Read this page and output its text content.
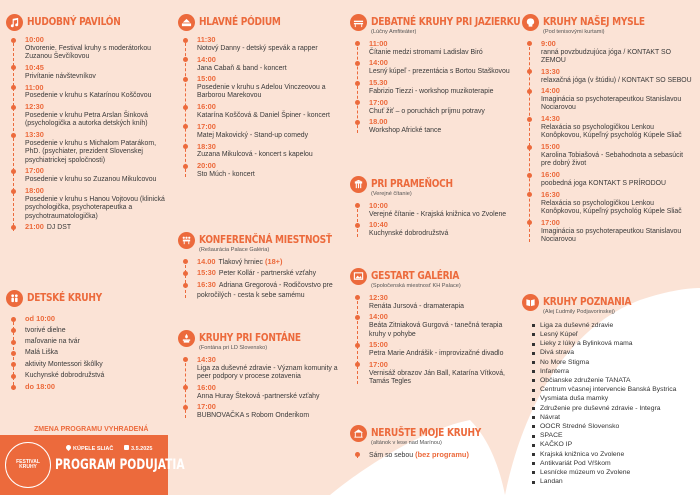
HUDOBNÝ PAVILÓN
10:00
Otvorenie. Festival kruhy s moderátorkou Zuzanou Ševčíkovou
10:45
Privítanie návštevníkov
11:00
Posedenie v kruhu s Katarínou Koščovou
12:30
Posedenie v kruhu Petra Arslan Šinková (psychologička a autorka detských kníh)
13:30
Posedenie v kruhu s Michalom Patarákom, PhD. (psychiater, prezident Slovenskej psychiatrickej spoločnosti)
17:00
Posedenie v kruhu so Zuzanou Mikulcovou
18:00
Posedenie v kruhu s Hanou Vojtovou (klinická psychologička, psychoterapeutka a psychotraumatologička)
21:00 DJ DST
DETSKÉ KRUHY
od 10:00
tvorivé dielne
maľovanie na tvár
Malá Liška
aktivity Montessori škôlky
Kuchynské dobrodružstvá
do 18:00
ZMENA PROGRAMU VYHRADENÁ
FESTIVAL
KRUHY
KÚPELE SLIAČ	3.5.2025
PROGRAM PODUJATIA
HLAVNÉ PÓDIUM
11:30
Notový Danny - detský spevák a rapper
14:00
Jana Cabaň & band - koncert
15:00
Posedenie v kruhu s Adelou Vinczeovou a Barborou Marekovou
16:00
Katarína Koščová & Daniel Špiner - koncert
17:00
Matej Makovický - Stand-up comedy
18:30
Zuzana Mikulcová - koncert s kapelou
20:00
Sto Múch - koncert
KONFERENČNÁ MIESTNOSŤ
(Rešaurácia Palace Galéria)
14.00 Tlakový hrniec (18+)
15:30 Peter Kollár - partnerské vzťahy
16:30 Adriana Gregorová - Rodičovstvo pre pokročilých - cesta k sebe samému
KRUHY PRI FONTÁNE
(Fontána pri LD Slovensko)
14:30
Liga za duševné zdravie - Význam komunity a peer podpory v procese zotavenia
16:00
Anna Huray Šteková -partnerské vzťahy
17:00
BUBNOVAČKA s Robom Onderikom
DEBATNÉ KRUHY PRI JAZIERKU
(Lúčny Amfiteáter)
11:00
Čítanie medzi stromami Ladislav Biró
14:00
Lesný kúpeľ - prezentácia s Bortou Staškovou
15.30
Fabrizio Tiezzi - workshop muzikoterapie
17:00
Chuť žiť – o poruchách príjmu potravy
18.00
Workshop Africké tance
PRI PRAMEŇOCH
(Verejné čítanie)
10:00
Verejné čítanie - Krajská knižnica vo Zvolene
10:40
Kuchynské dobrodružstvá
GESTART GALÉRIA
(Spoločenská miestnosť KH Palace)
12:30
Renáta Jursová - dramaterapia
14:00
Beáta Zitniaková Gurgová - tanečná terapia kruhy v pohybe
15:00
Petra Marie Andrášik - improvizačné divadlo
17:00
Vernisáž obrazov Ján Ball, Katarína Vítková, Tamás Tegles
NERUŠTE MOJE KRUHY
(altánok v lese nad Marínou)
Sám so sebou (bez programu)
KRUHY NAŠEJ MYSLE
(Pod tenisovými kurtami)
9:00
ranná povzbudzujúca jóga / KONTAKT SO ZEMOU
13:30
relaxačná jóga (v štúdiu) / KONTAKT SO SEBOU
14:00
Imaginácia so psychoterapeutkou Stanislavou Nociarovou
14:30
Relaxácia so psychologičkou Lenkou Konôpkovou, Kúpeľný psychológ Kúpele Sliač
15:00
Karolina Tobiašová - Sebahodnota a sebasúcit pre dobrý život
16:00
poobedná joga KONTAKT S PRÍRODOU
16:30
Relaxácia so psychologičkou Lenkou Konôpkovou, Kúpeľný psychológ Kúpele Sliač
17:00
Imaginácia so psychoterapeutkou Stanislavou Nociarovou
KRUHY POZNANIA
(Alej Ľudmily Podjavorinskej)
Liga za duševné zdravie
Lesný Kúpeľ
Lieky z lúky a Bylinková mama
Divá strava
No More Stigma
Infanterra
Občianske združenie TANATA
Centrum včasnej intervencie Banská Bystrica
Vysmiata duša mamky
Združenie pre duševné zdravie - Integra
Návrat
OOCR Stredné Slovensko
SPACE
KAČKO IP
Krajská knižnica vo Zvolene
Antikvariát Pod Vŕškom
Lesnícke múzeum vo Zvolene
Landan
